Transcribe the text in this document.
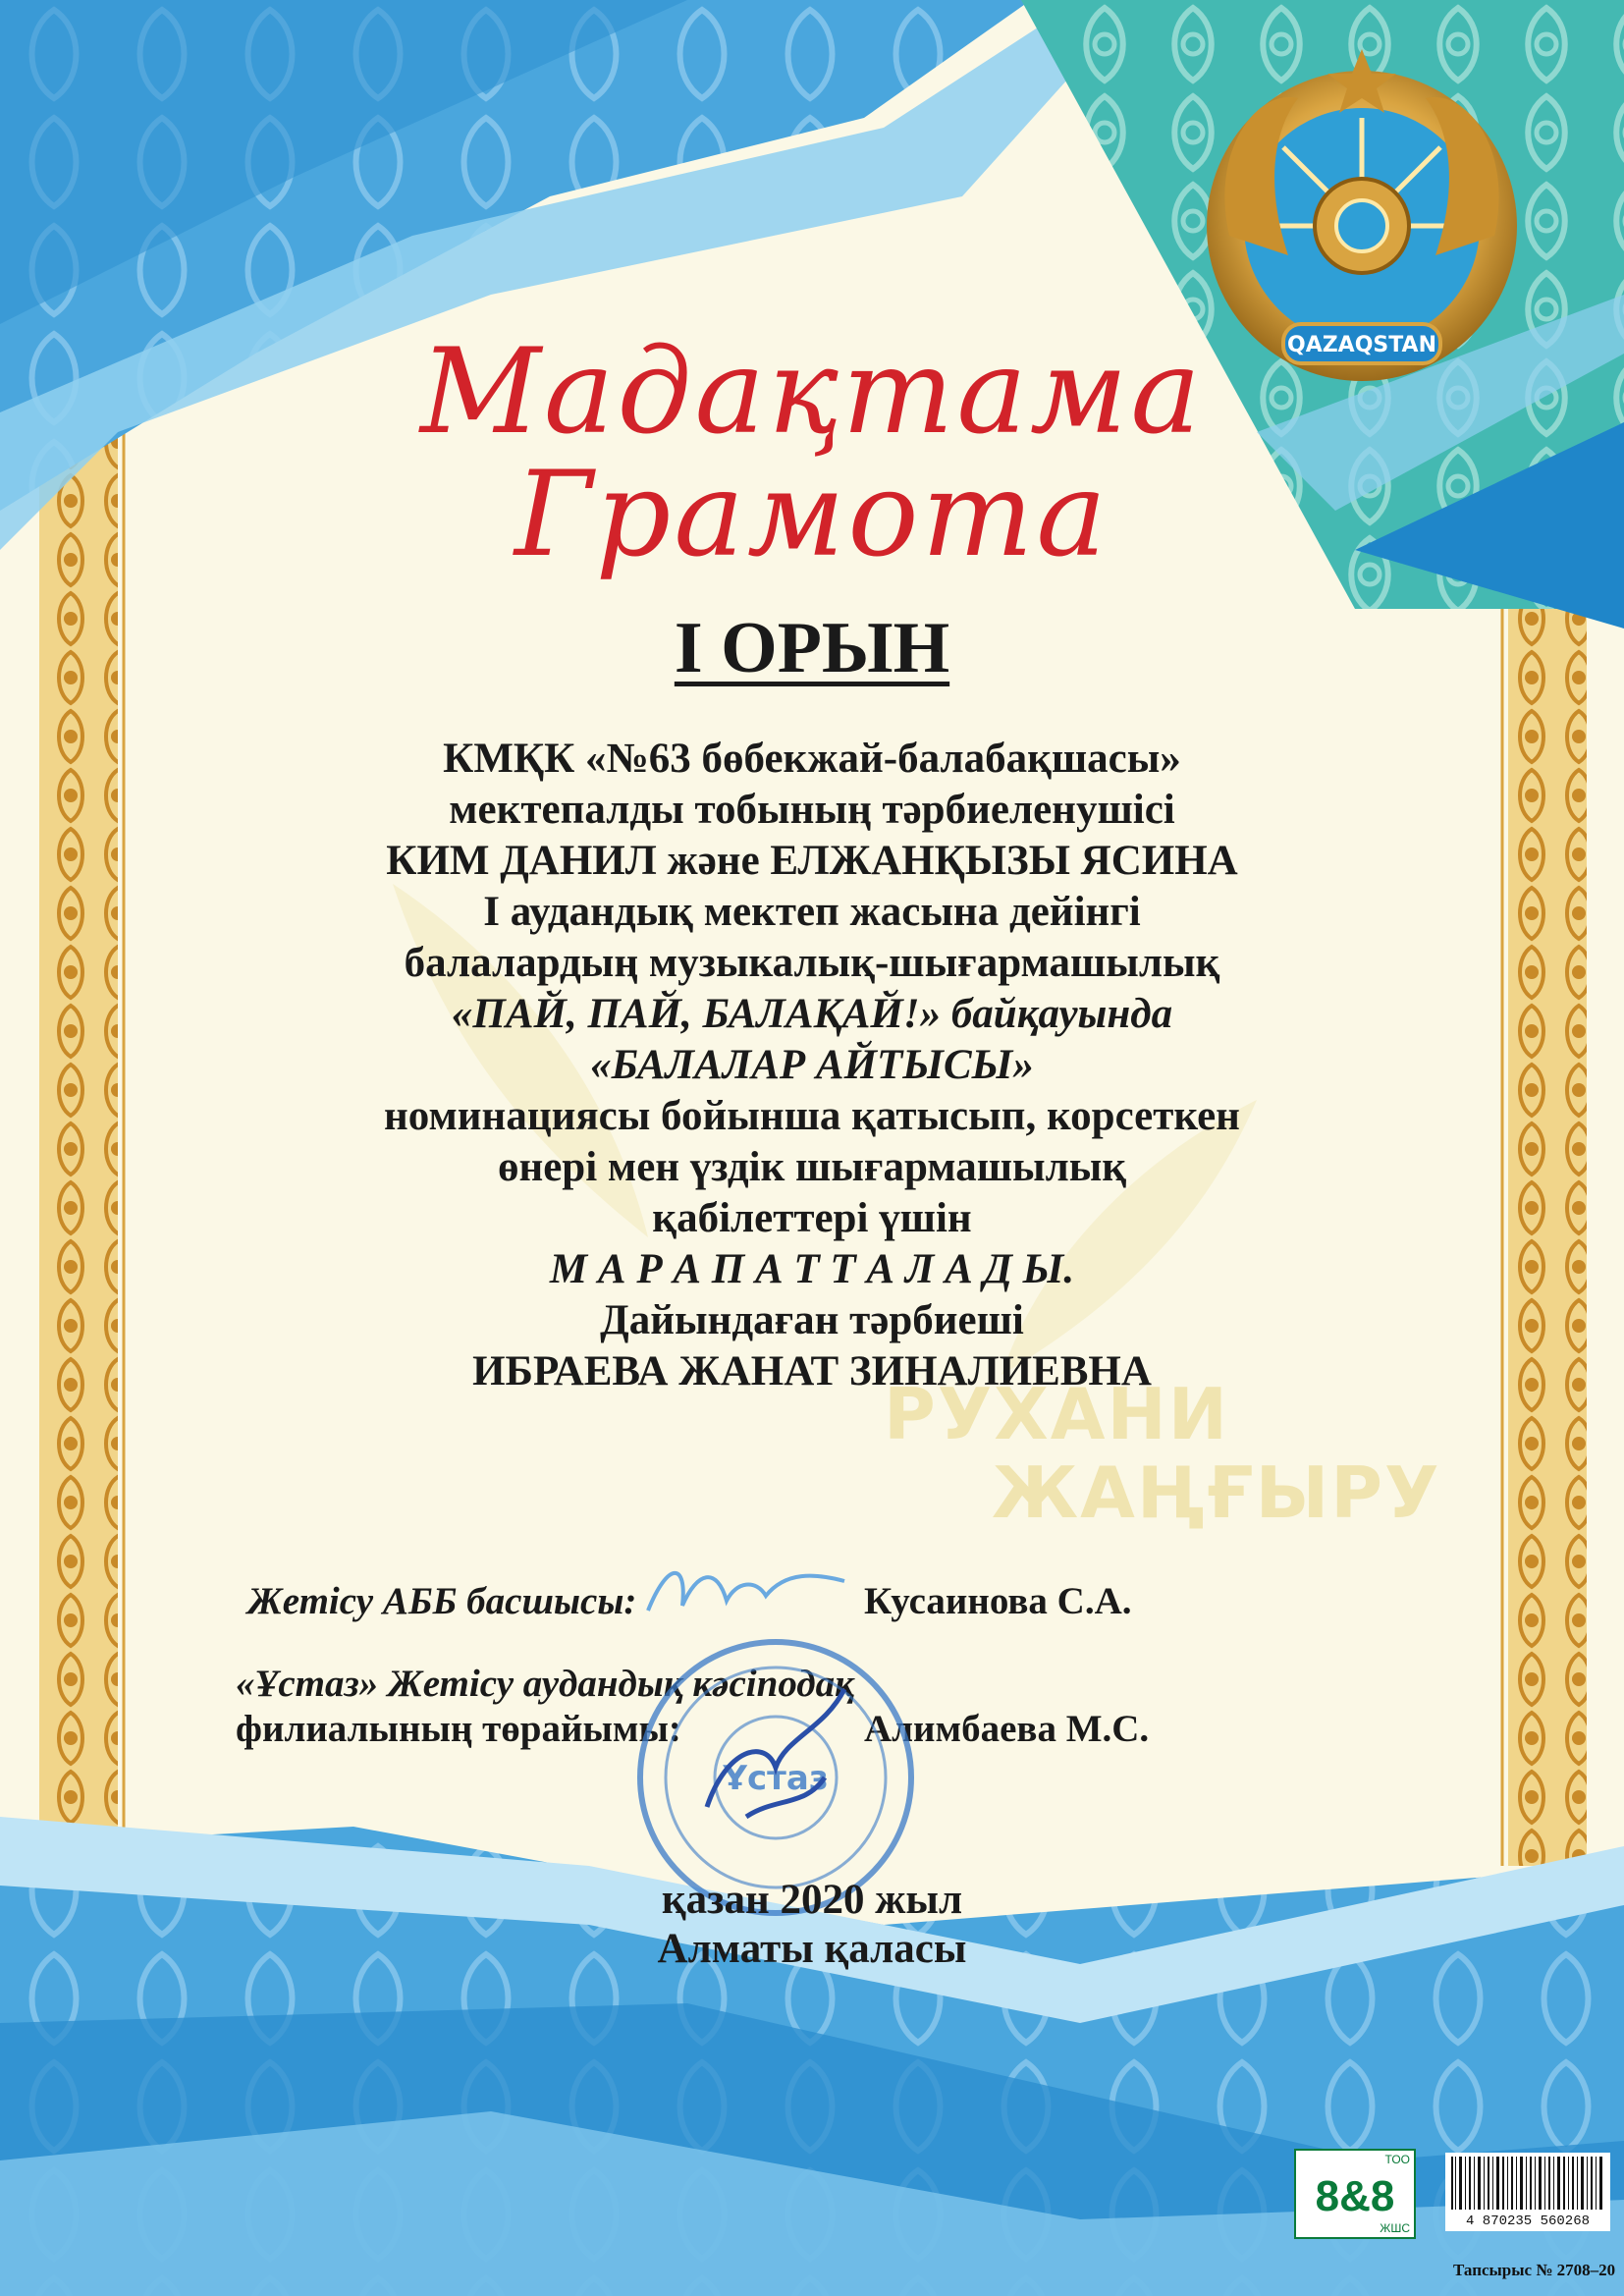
QAZAQSTAN
Мадақтама
Грамота
І ОРЫН
КМҚК «№63 бөбекжай-балабақшасы»
мектепалды тобының тәрбиеленушісі
КИМ ДАНИЛ және ЕЛЖАНҚЫЗЫ ЯСИНА
І аудандық мектеп жасына дейінгі
балалардың музыкалық-шығармашылық
«ПАЙ, ПАЙ, БАЛАҚАЙ!» байқауында
«БАЛАЛАР АЙТЫСЫ»
номинациясы бойынша қатысып, корсеткен
өнері мен үздік шығармашылық
қабілеттері үшін
М А Р А П А Т Т А Л А Д Ы.
Дайындаған тәрбиеші
ИБРАЕВА ЖАНАТ ЗИНАЛИЕВНА
РУХАНИ
ЖАҢҒЫРУ
Жетісу АББ басшысы:	Кусаинова С.А.
«Ұстаз» Жетісу аудандық кәсіподақ
филиалының төрайымы:	Алимбаева М.С.
Ұстаз
қазан 2020 жыл
Алматы қаласы
ТОО
8&8
ЖШС	4 870235 560268
Тапсырыс № 2708–20
